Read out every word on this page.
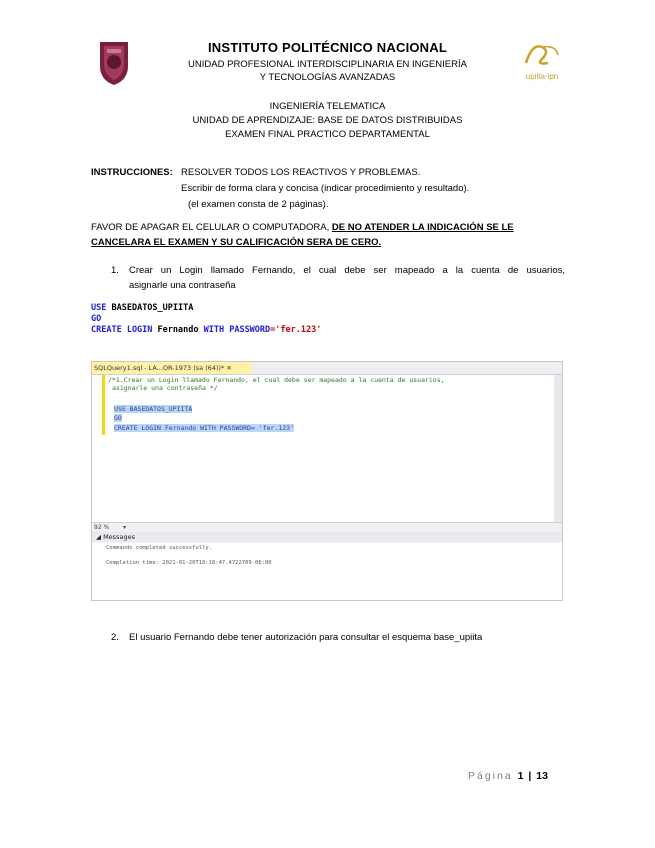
upiita-ipn
INSTITUTO POLITÉCNICO NACIONAL
UNIDAD PROFESIONAL INTERDISCIPLINARIA EN INGENIERÍA
Y TECNOLOGÍAS AVANZADAS
INGENIERÍA TELEMATICA
UNIDAD DE APRENDIZAJE: BASE DE DATOS DISTRIBUIDAS
EXAMEN FINAL PRACTICO DEPARTAMENTAL
INSTRUCCIONES: RESOLVER TODOS LOS REACTIVOS Y PROBLEMAS.
Escribir de forma clara y concisa (indicar procedimiento y resultado).
(el examen consta de 2 páginas).
FAVOR DE APAGAR EL CELULAR O COMPUTADORA, DE NO ATENDER LA INDICACIÓN SE LE
CANCELARA EL EXAMEN Y SU CALIFICACIÓN SERA DE CERO.
1. Crear un Login llamado Fernando, el cual debe ser mapeado a la cuenta de usuarios,
asignarle una contraseña
USE BASEDATOS_UPIITA
GO
CREATE LOGIN Fernando WITH PASSWORD='fer.123'
SQLQuery1.sql - LA...OR-1973 (sa (64))* ✕
/*1.Crear un Login llamado Fernando, el cual debe ser mapeado a la cuenta de usuarios,
asignarle una contraseña */
USE BASEDATOS_UPIITA
GO
CREATE LOGIN Fernando WITH PASSWORD= 'fer.123'
92 % ▾
◢ Messages
Commands completed successfully.
Completion time: 2021-01-20T10:18:47.4722709-06:00
2. El usuario Fernando debe tener autorización para consultar el esquema base_upiita
Página 1 | 13
